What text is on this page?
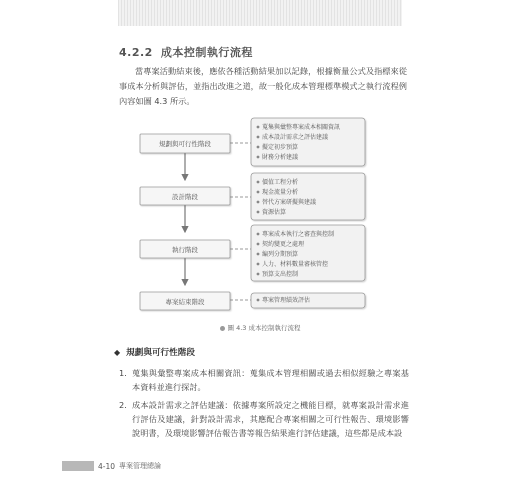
4.2.2 成本控制執行流程

當專案活動結束後，應依各種活動結果加以記錄，根據衡量公式及指標來從事成本分析與評估，並指出改進之道，故一般化成本管理標準模式之執行流程例內容如圖 4.3 所示。

規劃與可行性階段
設計階段
執行階段
專案結束階段
蒐集與彙整專案成本相關資訊
成本設計需求之評估建議
擬定初步預算
財務分析建議
價值工程分析
現金流量分析
替代方案研擬與建議
資源估算
專案成本執行之審查與控制
契約變更之處理
編列分期預算
人力、材料數量審核管控
預算支出控制
專案管理績效評估
圖 4.3 成本控制執行流程
◆ 規劃與可行性階段
1. 蒐集與彙整專案成本相關資訊：蒐集成本管理相關或過去相似經驗之專案基本資料並進行探討。
2. 成本設計需求之評估建議：依據專案所設定之機能目標，就專案設計需求進行評估及建議，針對設計需求，其應配合專案相關之可行性報告、環境影響說明書，及環境影響評估報告書等報告結果進行評估建議，這些都是成本設
4-10 專案管理總論
